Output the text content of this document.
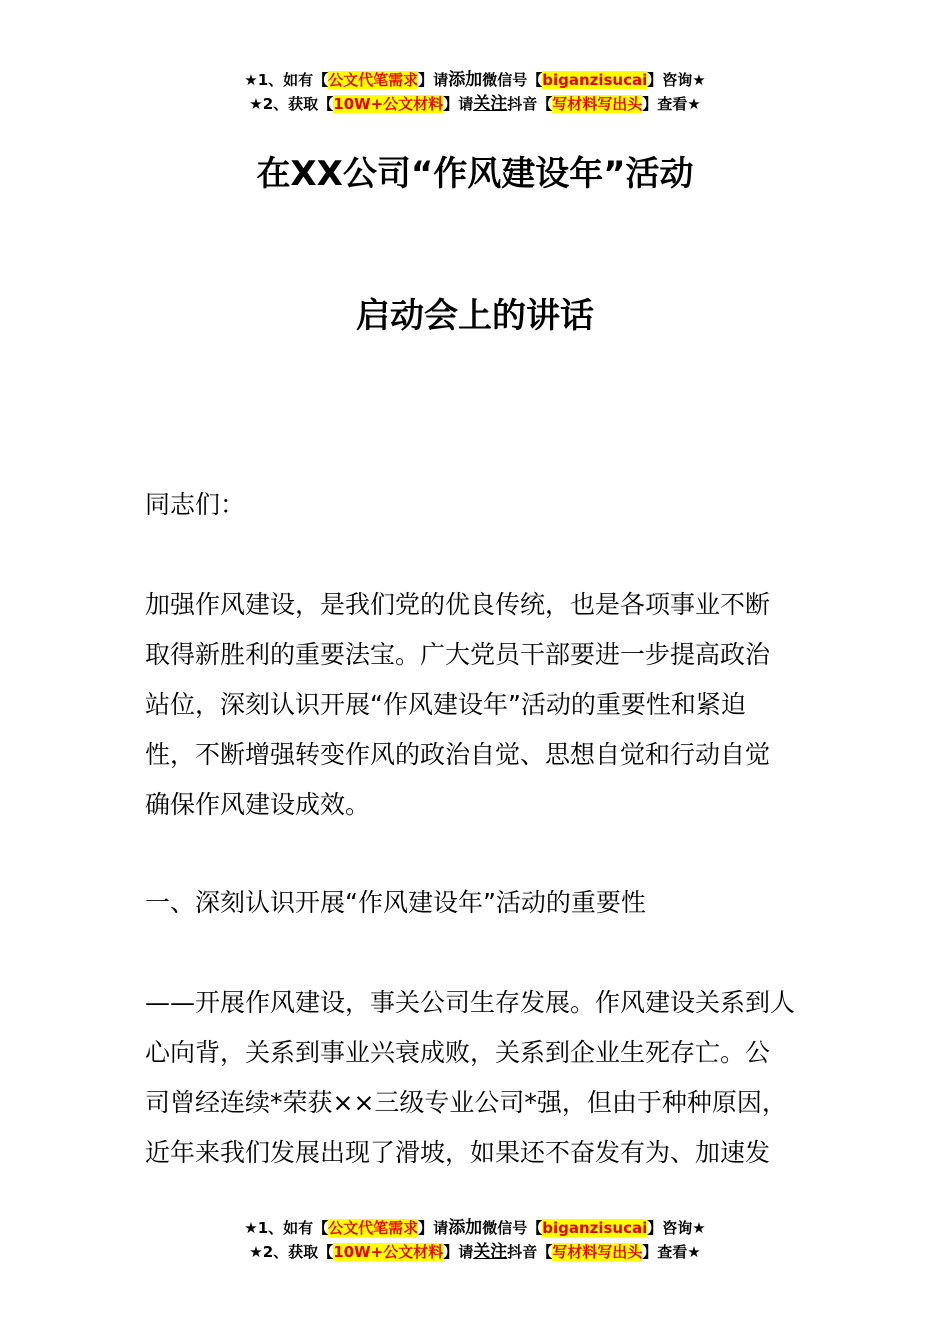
★1、如有【公文代笔需求】请添加微信号【biganzisucai】咨询★
★2、获取【10W+公文材料】请关注抖音【写材料写出头】查看★
在XX公司“作风建设年”活动
启动会上的讲话

同志们：

加强作风建设，是我们党的优良传统，也是各项事业不断
取得新胜利的重要法宝。广大党员干部要进一步提高政治
站位，深刻认识开展“作风建设年”活动的重要性和紧迫
性，不断增强转变作风的政治自觉、思想自觉和行动自觉
确保作风建设成效。

一、深刻认识开展“作风建设年”活动的重要性

——开展作风建设，事关公司生存发展。作风建设关系到人
心向背，关系到事业兴衰成败，关系到企业生死存亡。公
司曾经连续*荣获××三级专业公司*强，但由于种种原因，
近年来我们发展出现了滑坡，如果还不奋发有为、加速发

★1、如有【公文代笔需求】请添加微信号【biganzisucai】咨询★
★2、获取【10W+公文材料】请关注抖音【写材料写出头】查看★
